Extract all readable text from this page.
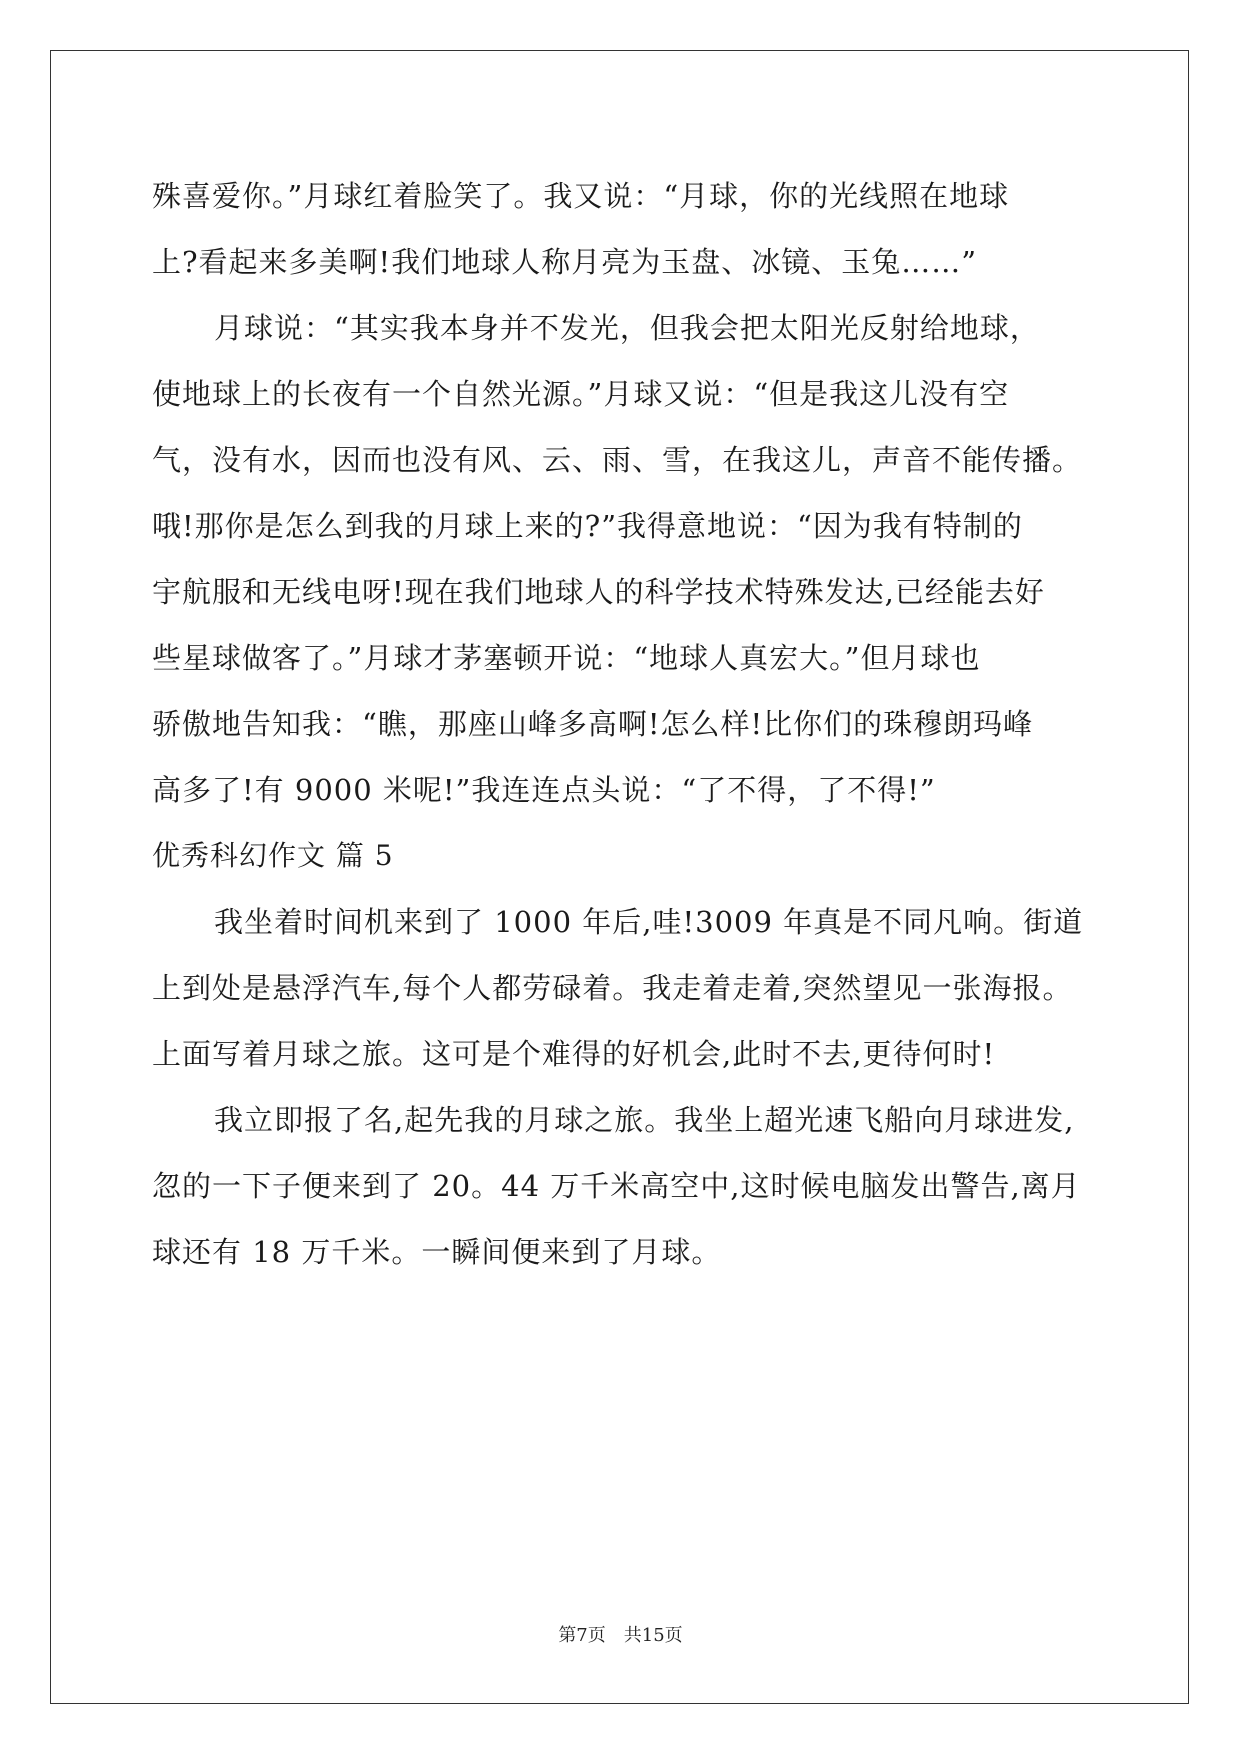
殊喜爱你。”月球红着脸笑了。我又说：“月球，你的光线照在地球
上?看起来多美啊!我们地球人称月亮为玉盘、冰镜、玉兔……”
月球说：“其实我本身并不发光，但我会把太阳光反射给地球，
使地球上的长夜有一个自然光源。”月球又说：“但是我这儿没有空
气，没有水，因而也没有风、云、雨、雪，在我这儿，声音不能传播。
哦!那你是怎么到我的月球上来的?”我得意地说：“因为我有特制的
宇航服和无线电呀!现在我们地球人的科学技术特殊发达,已经能去好
些星球做客了。”月球才茅塞顿开说：“地球人真宏大。”但月球也
骄傲地告知我：“瞧，那座山峰多高啊!怎么样!比你们的珠穆朗玛峰
高多了!有 9000 米呢!”我连连点头说：“了不得，了不得!”
优秀科幻作文 篇 5
我坐着时间机来到了 1000 年后,哇!3009 年真是不同凡响。街道
上到处是悬浮汽车,每个人都劳碌着。我走着走着,突然望见一张海报。
上面写着月球之旅。这可是个难得的好机会,此时不去,更待何时!
我立即报了名,起先我的月球之旅。我坐上超光速飞船向月球进发,
忽的一下子便来到了 20。44 万千米高空中,这时候电脑发出警告,离月
球还有 18 万千米。一瞬间便来到了月球。
第7页 共15页
